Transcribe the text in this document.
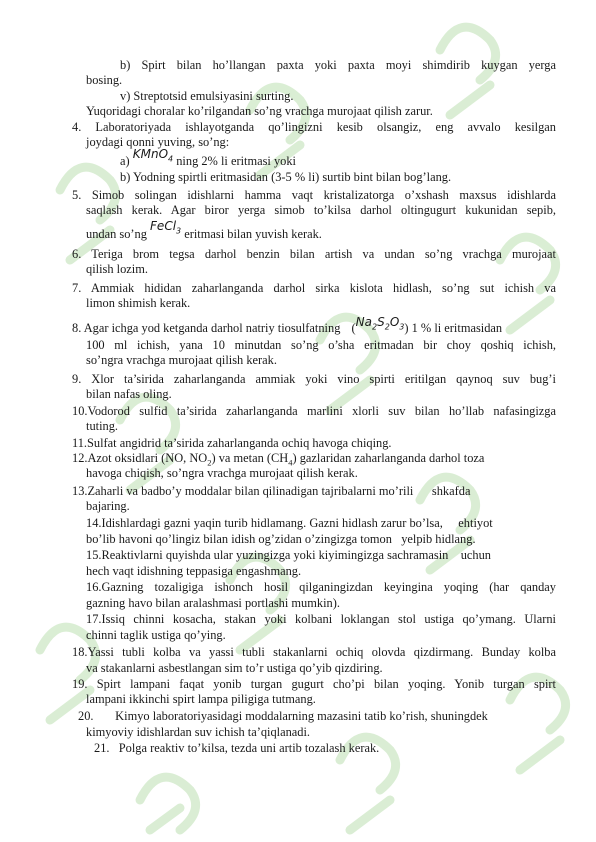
b) Spirt bilan ho’llangan paxta yoki paxta moyi shimdirib kuygan yerga
bosing.
v) Streptotsid emulsiyasini surting.
Yuqoridagi choralar ko’rilgandan so’ng vrachga murojaat qilish zarur.
4. Laboratoriyada ishlayotganda qo’lingizni kesib olsangiz, eng avvalo kesilgan
joydagi qonni yuving, so’ng:
a) KMnO$_4$ ning 2% li eritmasi yoki
b) Yodning spirtli eritmasidan (3-5 % li) surtib bint bilan bog’lang.
5. Simob solingan idishlarni hamma vaqt kristalizatorga o’xshash maxsus idishlarda
saqlash kerak. Agar biror yerga simob to’kilsa darhol oltingugurt kukunidan sepib,
undan so’ng FeCl$_3$ eritmasi bilan yuvish kerak.
6. Teriga brom tegsa darhol benzin bilan artish va undan so’ng vrachga murojaat
qilish lozim.
7. Ammiak hididan zaharlanganda darhol sirka kislota hidlash, so’ng sut ichish va
limon shimish kerak.
8. Agar ichga yod ketganda darhol natriy tiosulfatning $(Na_2S_2O_3)$ 1 % li eritmasidan
100 ml ichish, yana 10 minutdan so’ng o’sha eritmadan bir choy qoshiq ichish,
so’ngra vrachga murojaat qilish kerak.
9. Xlor ta’sirida zaharlanganda ammiak yoki vino spirti eritilgan qaynoq suv bug’i
bilan nafas oling.
10.Vodorod sulfid ta’sirida zaharlanganda marlini xlorli suv bilan ho’llab nafasingizga
tuting.
11.Sulfat angidrid ta’sirida zaharlanganda ochiq havoga chiqing.
12.Azot oksidlari (NO, $NO_2$) va metan $(CH_4)$ gazlaridan zaharlanganda darhol toza
havoga chiqish, so’ngra vrachga murojaat qilish kerak.
13.Zaharli va badbo’y moddalar bilan qilinadigan tajribalarni mo’rili      shkafda
bajaring.
14.Idishlardagi gazni yaqin turib hidlamang. Gazni hidlash zarur bo’lsa,     ehtiyot
bo’lib havoni qo’lingiz bilan idish og’zidan o’zingizga tomon   yelpib hidlang.
15.Reaktivlarni quyishda ular yuzingizga yoki kiyimingizga sachramasin    uchun
hech vaqt idishning teppasiga engashmang.
16.Gazning tozaligiga ishonch hosil qilganingizdan keyingina yoqing (har qanday
gazning havo bilan aralashmasi portlashi mumkin).
17.Issiq chinni kosacha, stakan yoki kolbani loklangan stol ustiga qo’ymang. Ularni
chinni taglik ustiga qo’ying.
18.Yassi tubli kolba va yassi tubli stakanlarni ochiq olovda qizdirmang. Bunday kolba
va stakanlarni asbestlangan sim to’r ustiga qo’yib qizdiring.
19. Spirt lampani faqat yonib turgan gugurt cho’pi bilan yoqing. Yonib turgan spirt
lampani ikkinchi spirt lampa piligiga tutmang.
20.       Kimyo laboratoriyasidagi moddalarning mazasini tatib ko’rish, shuningdek
kimyoviy idishlardan suv ichish ta’qiqlanadi.
21.   Polga reaktiv to’kilsa, tezda uni artib tozalash kerak.
